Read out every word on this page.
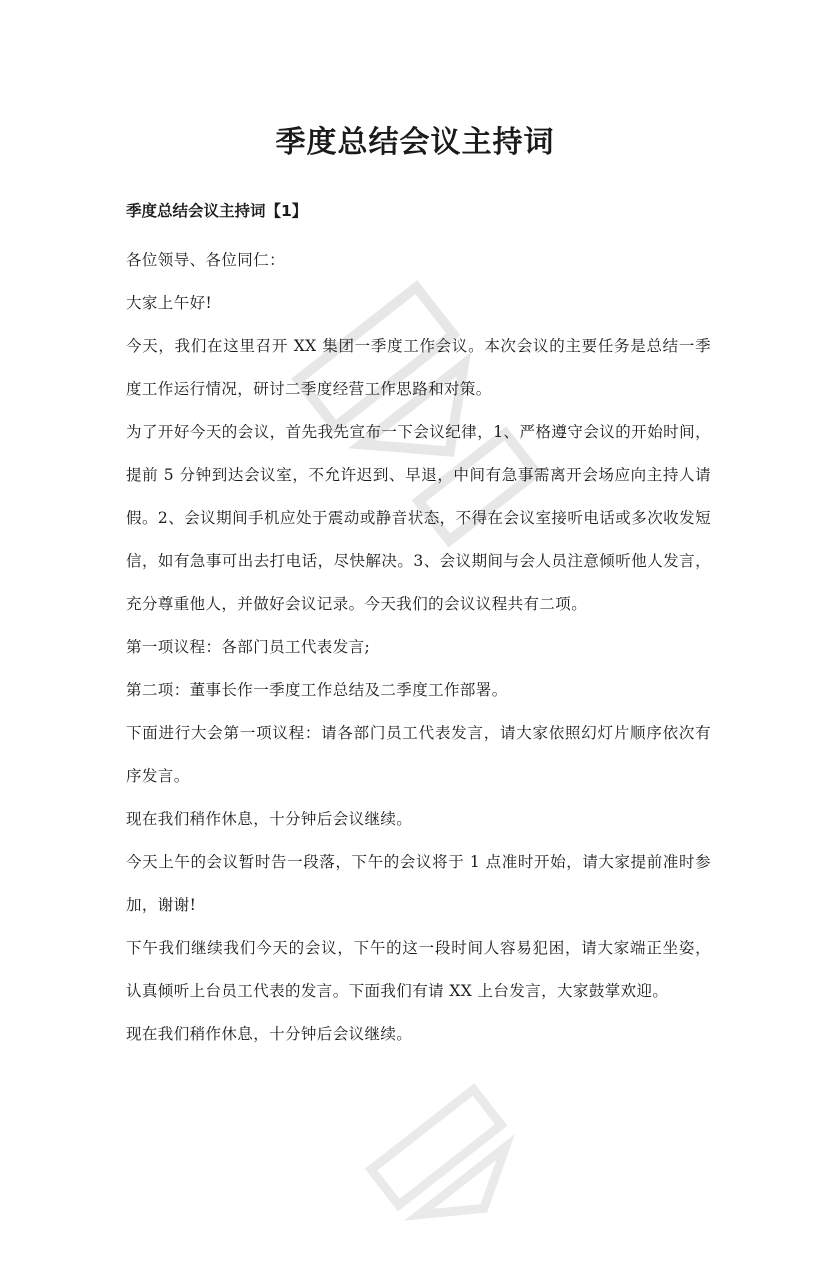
季度总结会议主持词
季度总结会议主持词【1】

各位领导、各位同仁：

大家上午好!

今天，我们在这里召开 XX 集团一季度工作会议。本次会议的主要任务是总结一季度工作运行情况，研讨二季度经营工作思路和对策。

为了开好今天的会议，首先我先宣布一下会议纪律，1、严格遵守会议的开始时间，提前 5 分钟到达会议室，不允许迟到、早退，中间有急事需离开会场应向主持人请假。2、会议期间手机应处于震动或静音状态，不得在会议室接听电话或多次收发短信，如有急事可出去打电话，尽快解决。3、会议期间与会人员注意倾听他人发言，充分尊重他人，并做好会议记录。今天我们的会议议程共有二项。

第一项议程：各部门员工代表发言;

第二项：董事长作一季度工作总结及二季度工作部署。

下面进行大会第一项议程：请各部门员工代表发言，请大家依照幻灯片顺序依次有序发言。

现在我们稍作休息，十分钟后会议继续。

今天上午的会议暂时告一段落，下午的会议将于 1 点准时开始，请大家提前准时参加，谢谢!

下午我们继续我们今天的会议，下午的这一段时间人容易犯困，请大家端正坐姿，认真倾听上台员工代表的发言。下面我们有请 XX 上台发言，大家鼓掌欢迎。

现在我们稍作休息，十分钟后会议继续。
